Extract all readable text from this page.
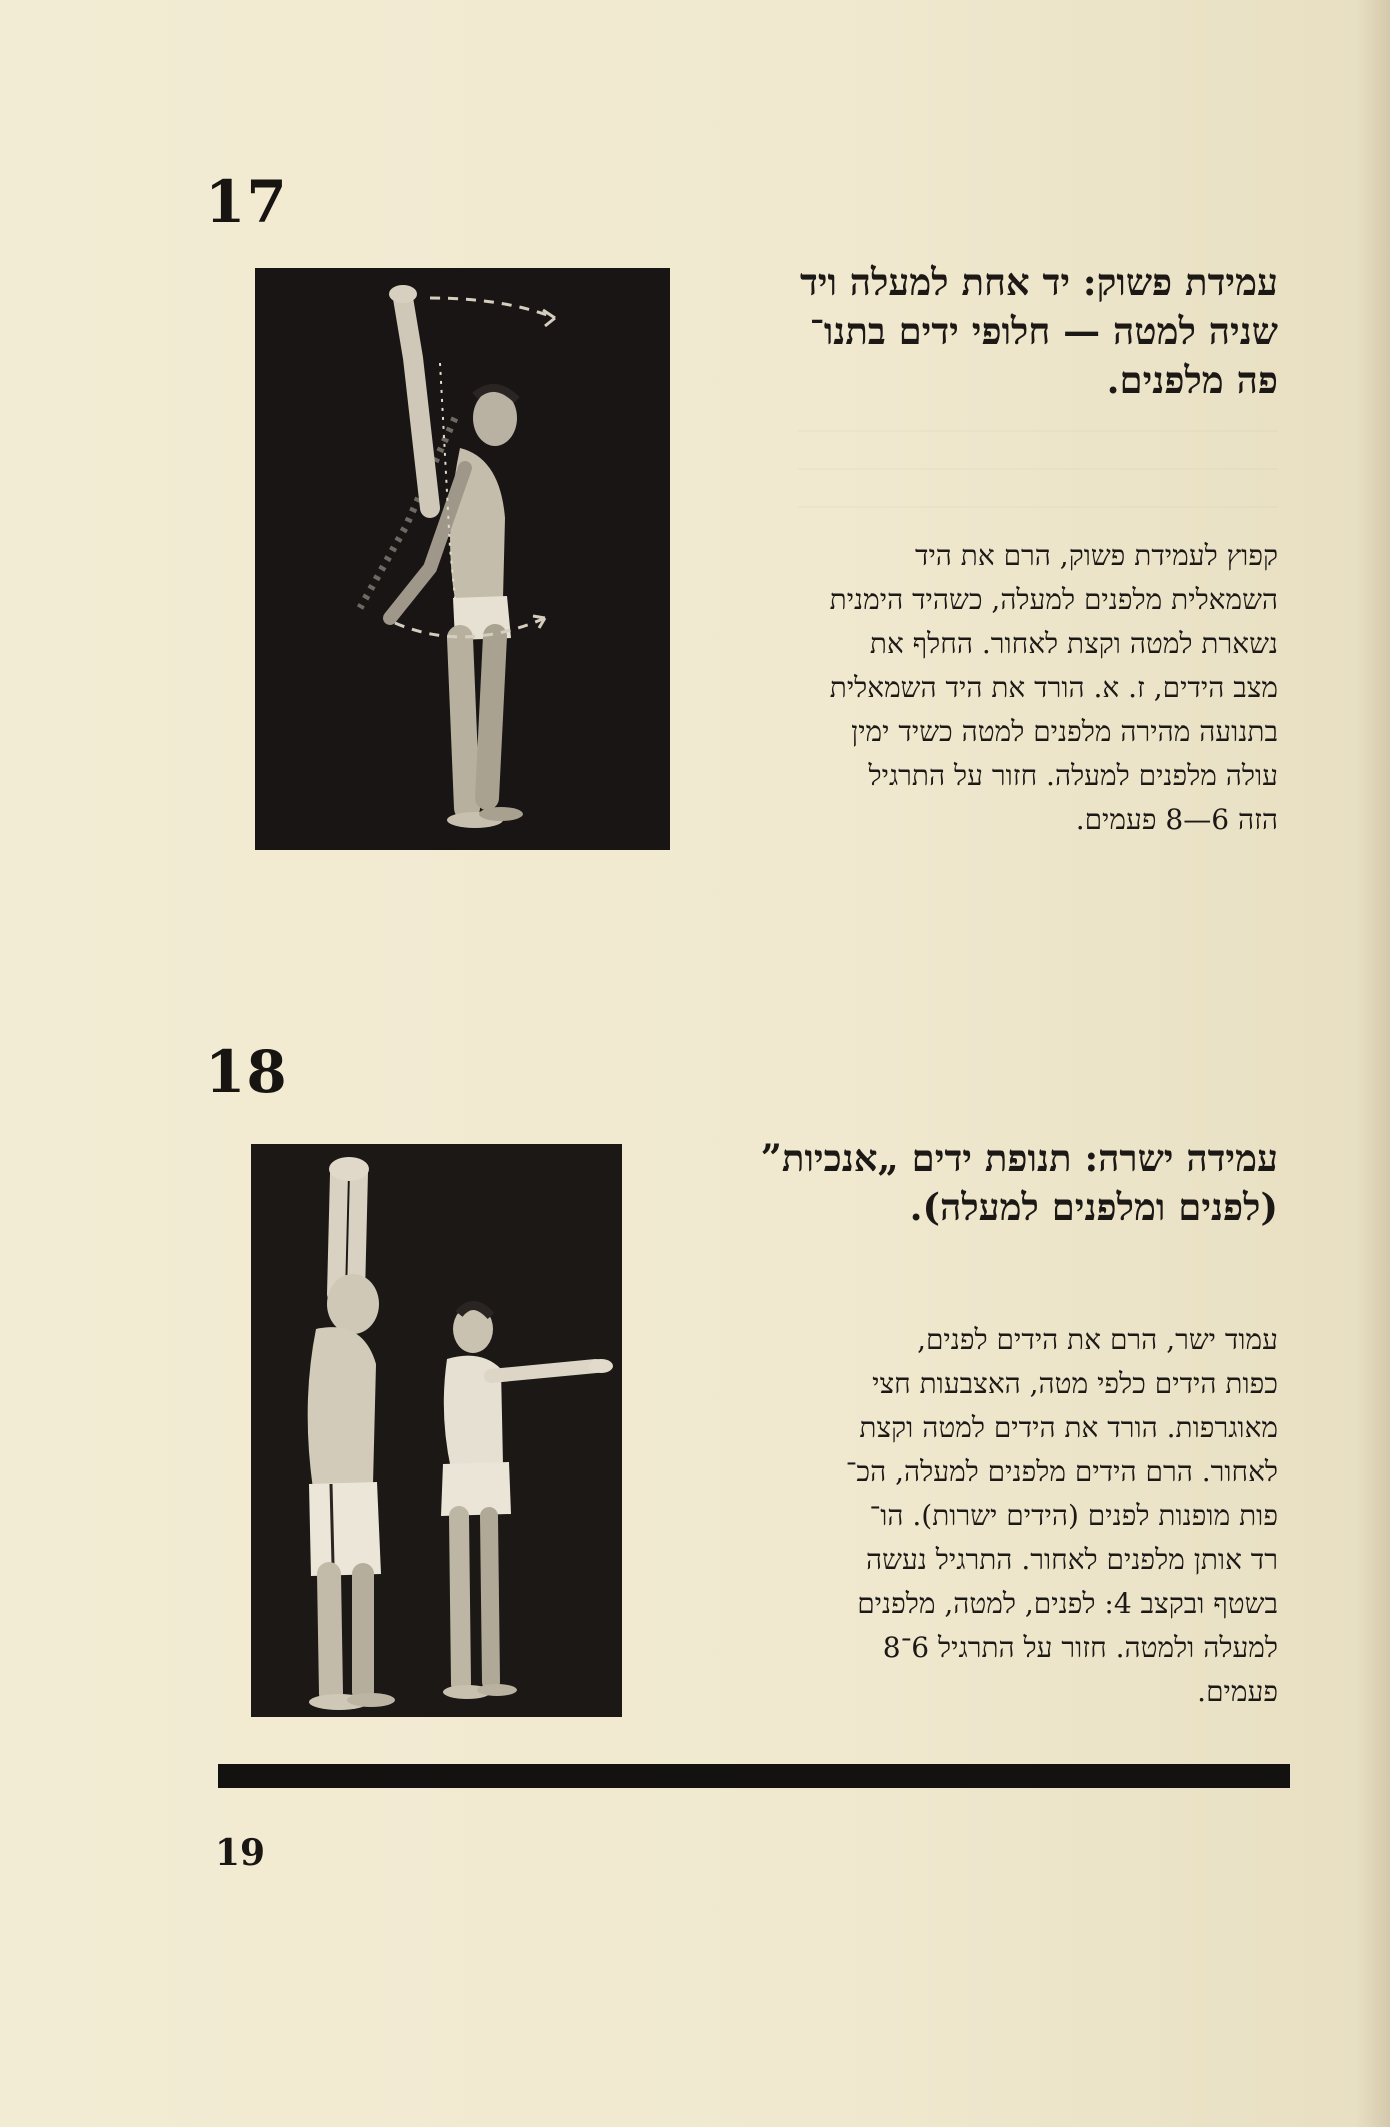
17
עמידת פשוק: יד אחת למעלה ויד
שניה למטה — חלופי ידים בתנו־
פה מלפנים.
קפוץ לעמידת פשוק, הרם את היד
השמאלית מלפנים למעלה, כשהיד הימנית
נשארת למטה וקצת לאחור. החלף את
מצב הידים, ז. א. הורד את היד השמאלית
בתנועה מהירה מלפנים למטה כשיד ימין
עולה מלפנים למעלה. חזור על התרגיל
הזה 6—8 פעמים.
18
עמידה ישרה: תנופת ידים „אנכיות”
(לפנים ומלפנים למעלה).
עמוד ישר, הרם את הידים לפנים,
כפות הידים כלפי מטה, האצבעות חצי
מאוגרפות. הורד את הידים למטה וקצת
לאחור. הרם הידים מלפנים למעלה, הכ־
פות מופנות לפנים (הידים ישרות). הו־
רד אותן מלפנים לאחור. התרגיל נעשה
בשטף ובקצב 4: לפנים, למטה, מלפנים
למעלה ולמטה. חזור על התרגיל 6־8
פעמים.
19
